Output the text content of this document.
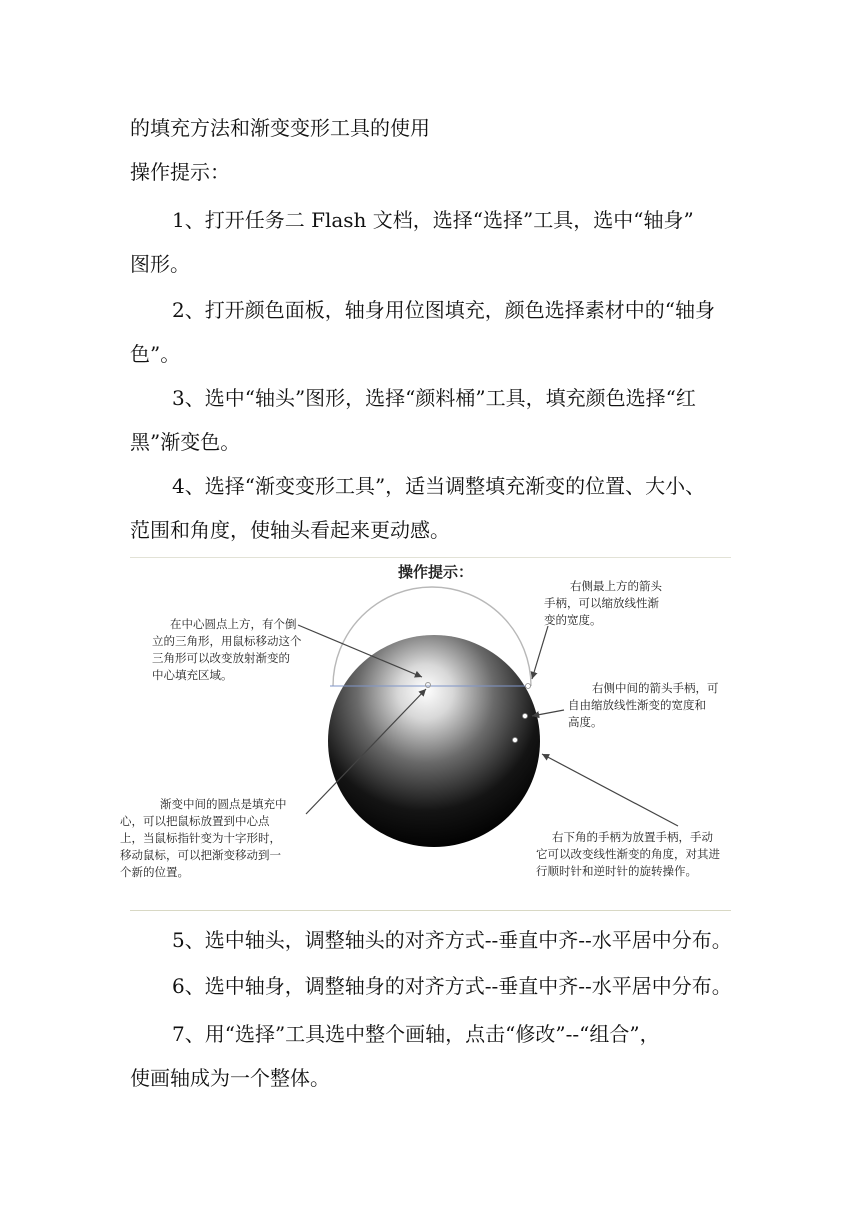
的填充方法和渐变变形工具的使用
操作提示：
1、打开任务二 Flash 文档，选择“选择”工具，选中“轴身”
图形。
2、打开颜色面板，轴身用位图填充，颜色选择素材中的“轴身
色”。
3、选中“轴头”图形，选择“颜料桶”工具，填充颜色选择“红
黑”渐变色。
4、选择“渐变变形工具”，适当调整填充渐变的位置、大小、
范围和角度，使轴头看起来更动感。
操作提示：
在中心圆点上方，有个倒
立的三角形，用鼠标移动这个
三角形可以改变放射渐变的
中心填充区域。
渐变中间的圆点是填充中
心，可以把鼠标放置到中心点
上，当鼠标指针变为十字形时，
移动鼠标，可以把渐变移动到一
个新的位置。
右侧最上方的箭头
手柄，可以缩放线性渐
变的宽度。
右侧中间的箭头手柄，可
自由缩放线性渐变的宽度和
高度。
右下角的手柄为放置手柄，手动
它可以改变线性渐变的角度，对其进
行顺时针和逆时针的旋转操作。
5、选中轴头，调整轴头的对齐方式--垂直中齐--水平居中分布。
6、选中轴身，调整轴身的对齐方式--垂直中齐--水平居中分布。
7、用“选择”工具选中整个画轴，点击“修改”--“组合”，
使画轴成为一个整体。
